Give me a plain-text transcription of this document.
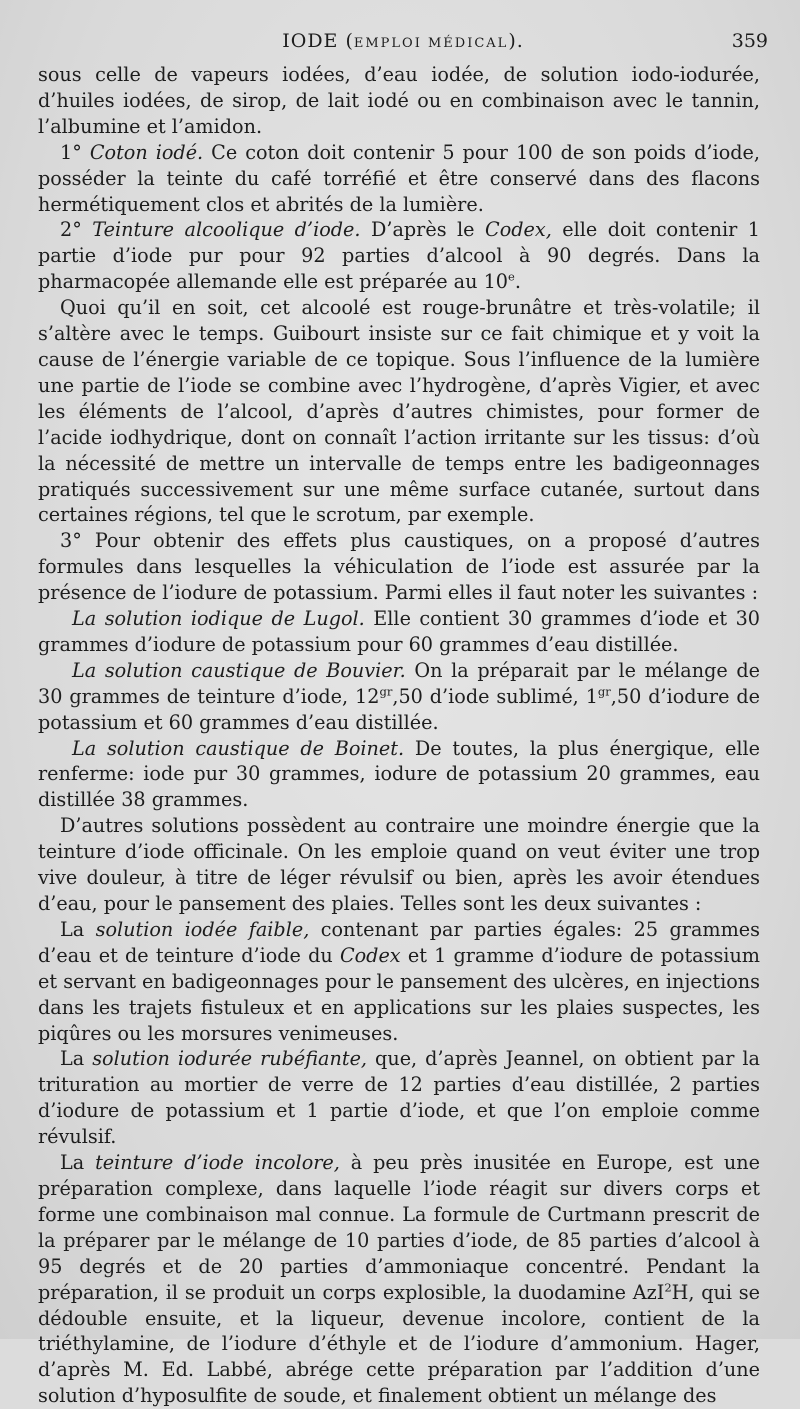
IODE (EMPLOI MÉDICAL).	359

sous celle de vapeurs iodées, d’eau iodée, de solution iodo-iodurée, d’huiles iodées, de sirop, de lait iodé ou en combinaison avec le tannin, l’albumine et l’amidon.

1° Coton iodé. Ce coton doit contenir 5 pour 100 de son poids d’iode, posséder la teinte du café torréfié et être conservé dans des flacons hermétiquement clos et abrités de la lumière.

2° Teinture alcoolique d’iode. D’après le Codex, elle doit contenir 1 partie d’iode pur pour 92 parties d’alcool à 90 degrés. Dans la pharmacopée allemande elle est préparée au 10e.

Quoi qu’il en soit, cet alcoolé est rouge-brunâtre et très-volatile; il s’altère avec le temps. Guibourt insiste sur ce fait chimique et y voit la cause de l’énergie variable de ce topique. Sous l’influence de la lumière une partie de l’iode se combine avec l’hydrogène, d’après Vigier, et avec les éléments de l’alcool, d’après d’autres chimistes, pour former de l’acide iodhydrique, dont on connaît l’action irritante sur les tissus: d’où la nécessité de mettre un intervalle de temps entre les badigeonnages pratiqués successivement sur une même surface cutanée, surtout dans certaines régions, tel que le scrotum, par exemple.

3° Pour obtenir des effets plus caustiques, on a proposé d’autres formules dans lesquelles la véhiculation de l’iode est assurée par la présence de l’iodure de potassium. Parmi elles il faut noter les suivantes :

La solution iodique de Lugol. Elle contient 30 grammes d’iode et 30 grammes d’iodure de potassium pour 60 grammes d’eau distillée.

La solution caustique de Bouvier. On la préparait par le mélange de 30 grammes de teinture d’iode, $12^{gr},50$ d’iode sublimé, $1^{gr},50$ d’iodure de potassium et 60 grammes d’eau distillée.

La solution caustique de Boinet. De toutes, la plus énergique, elle renferme: iode pur 30 grammes, iodure de potassium 20 grammes, eau distillée 38 grammes.

D’autres solutions possèdent au contraire une moindre énergie que la teinture d’iode officinale. On les emploie quand on veut éviter une trop vive douleur, à titre de léger révulsif ou bien, après les avoir étendues d’eau, pour le pansement des plaies. Telles sont les deux suivantes :

La solution iodée faible, contenant par parties égales: 25 grammes d’eau et de teinture d’iode du Codex et 1 gramme d’iodure de potassium et servant en badigeonnages pour le pansement des ulcères, en injections dans les trajets fistuleux et en applications sur les plaies suspectes, les piqûres ou les morsures venimeuses.

La solution iodurée rubéfiante, que, d’après Jeannel, on obtient par la trituration au mortier de verre de 12 parties d’eau distillée, 2 parties d’iodure de potassium et 1 partie d’iode, et que l’on emploie comme révulsif.

La teinture d’iode incolore, à peu près inusitée en Europe, est une préparation complexe, dans laquelle l’iode réagit sur divers corps et forme une combinaison mal connue. La formule de Curtmann prescrit de la préparer par le mélange de 10 parties d’iode, de 85 parties d’alcool à 95 degrés et de 20 parties d’ammoniaque concentré. Pendant la préparation, il se produit un corps explosible, la duodamine AzI$^2$H, qui se dédouble ensuite, et la liqueur, devenue incolore, contient de la triéthylamine, de l’iodure d’éthyle et de l’iodure d’ammonium. Hager, d’après M. Ed. Labbé, abrége cette préparation par l’addition d’une solution d’hyposulfite de soude, et finalement obtient un mélange des
